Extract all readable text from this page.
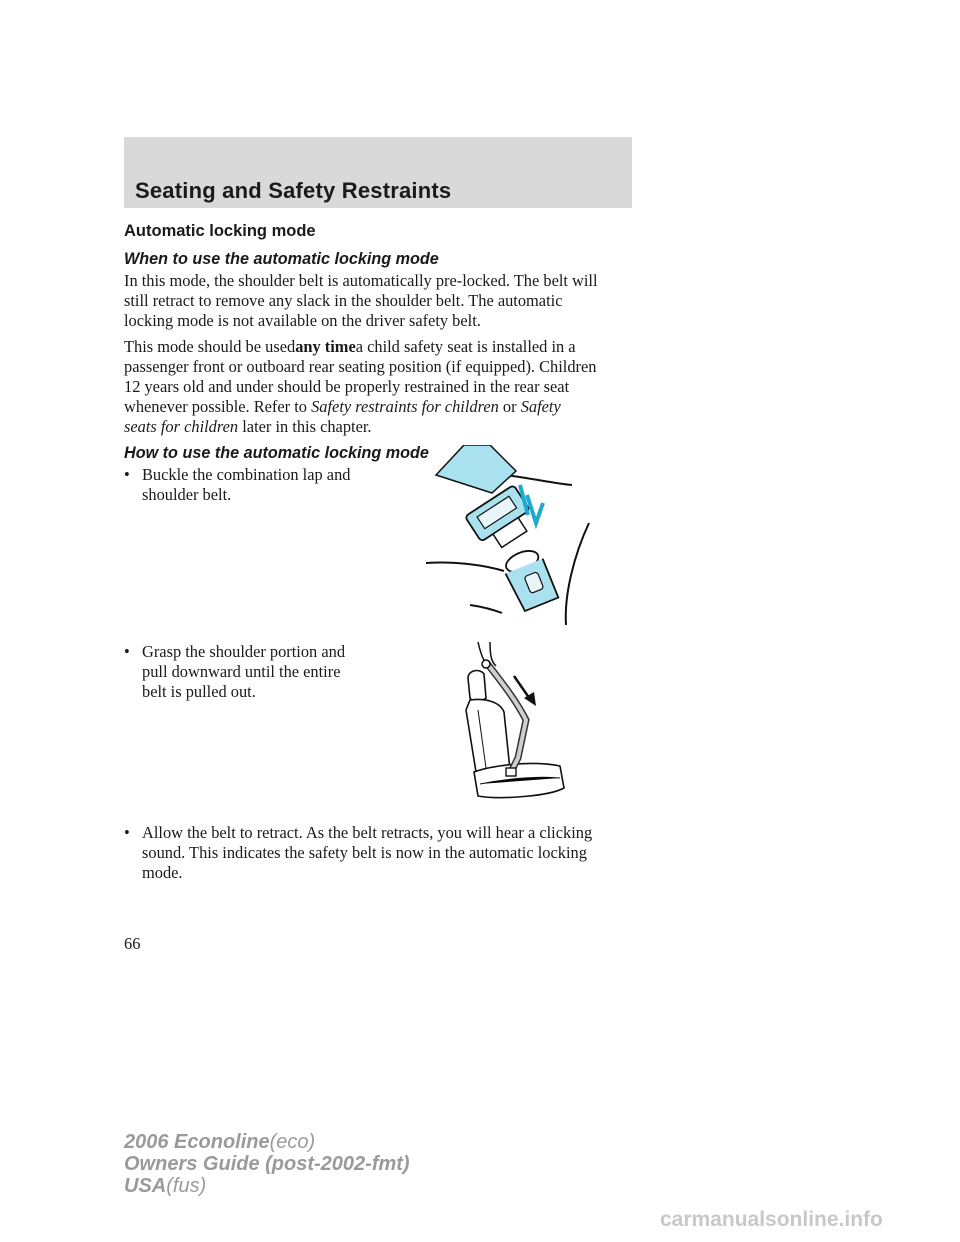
Seating and Safety Restraints
Automatic locking mode
When to use the automatic locking mode
In this mode, the shoulder belt is automatically pre-locked. The belt will
still retract to remove any slack in the shoulder belt. The automatic
locking mode is not available on the driver safety belt.
This mode should be usedany timea child safety seat is installed in a
passenger front or outboard rear seating position (if equipped). Children
12 years old and under should be properly restrained in the rear seat
whenever possible. Refer to Safety restraints for children or Safety
seats for children later in this chapter.
How to use the automatic locking mode
• Buckle the combination lap and
shoulder belt.
• Grasp the shoulder portion and
pull downward until the entire
belt is pulled out.
• Allow the belt to retract. As the belt retracts, you will hear a clicking
sound. This indicates the safety belt is now in the automatic locking
mode.
66
2006 Econoline(eco)
Owners Guide (post-2002-fmt)
USA(fus)
carmanualsonline.info
